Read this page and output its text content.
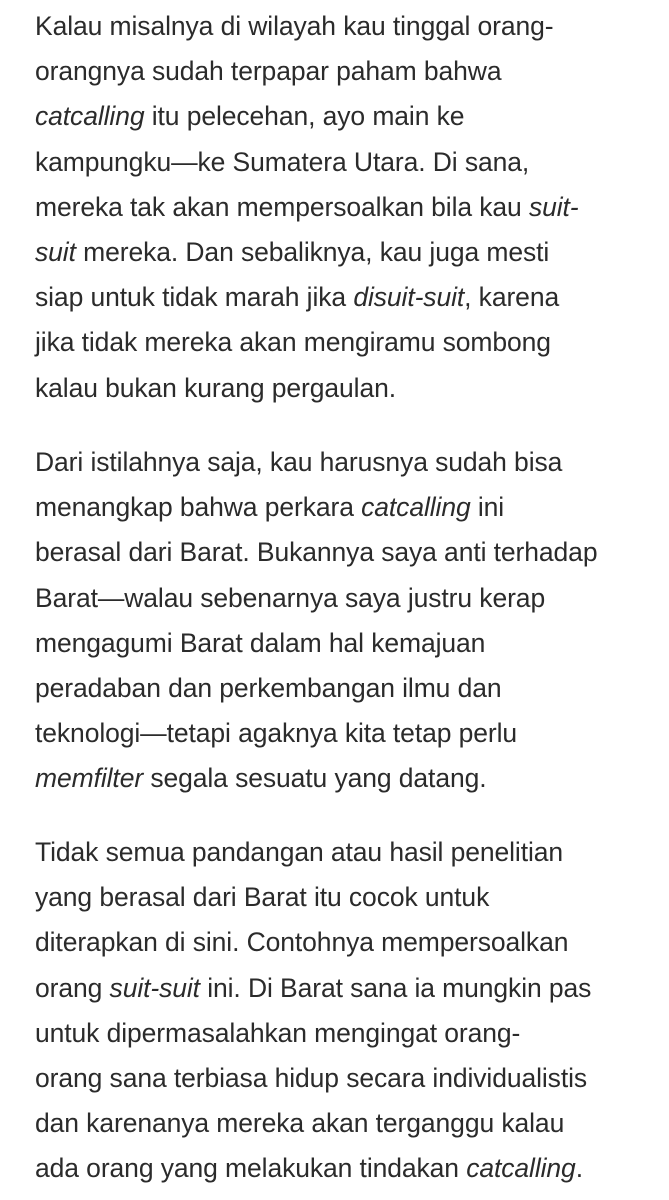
Kalau misalnya di wilayah kau tinggal orang-
orangnya sudah terpapar paham bahwa
catcalling itu pelecehan, ayo main ke
kampungku—ke Sumatera Utara. Di sana,
mereka tak akan mempersoalkan bila kau suit-
suit mereka. Dan sebaliknya, kau juga mesti
siap untuk tidak marah jika disuit-suit, karena
jika tidak mereka akan mengiramu sombong
kalau bukan kurang pergaulan.
Dari istilahnya saja, kau harusnya sudah bisa
menangkap bahwa perkara catcalling ini
berasal dari Barat. Bukannya saya anti terhadap
Barat—walau sebenarnya saya justru kerap
mengagumi Barat dalam hal kemajuan
peradaban dan perkembangan ilmu dan
teknologi—tetapi agaknya kita tetap perlu
memfilter segala sesuatu yang datang.
Tidak semua pandangan atau hasil penelitian
yang berasal dari Barat itu cocok untuk
diterapkan di sini. Contohnya mempersoalkan
orang suit-suit ini. Di Barat sana ia mungkin pas
untuk dipermasalahkan mengingat orang-
orang sana terbiasa hidup secara individualistis
dan karenanya mereka akan terganggu kalau
ada orang yang melakukan tindakan catcalling.
